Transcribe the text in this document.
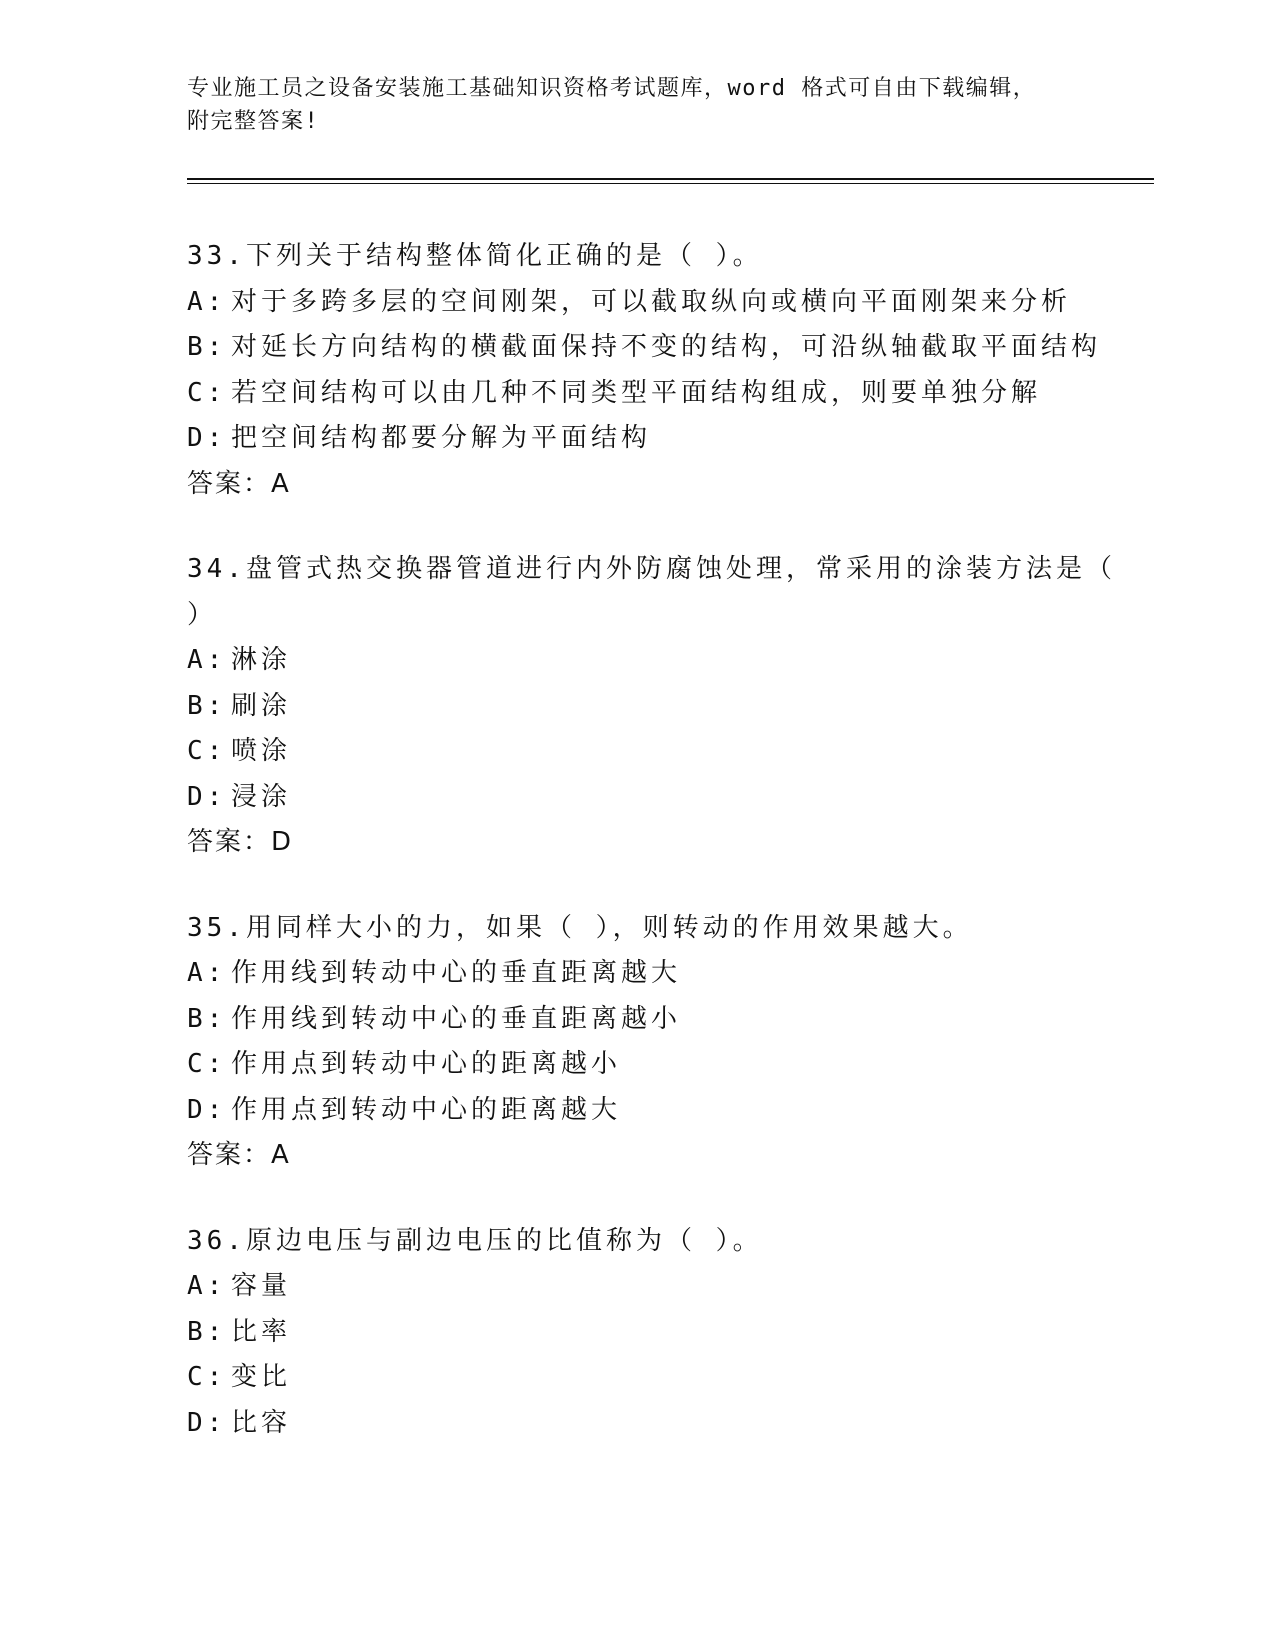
专业施工员之设备安装施工基础知识资格考试题库，word 格式可自由下载编辑，
附完整答案!
33.下列关于结构整体简化正确的是（ ）。
A: 对于多跨多层的空间刚架，可以截取纵向或横向平面刚架来分析
B: 对延长方向结构的横截面保持不变的结构，可沿纵轴截取平面结构
C: 若空间结构可以由几种不同类型平面结构组成，则要单独分解
D: 把空间结构都要分解为平面结构
答案：A
34.盘管式热交换器管道进行内外防腐蚀处理，常采用的涂装方法是（
）
A: 淋涂
B: 刷涂
C: 喷涂
D: 浸涂
答案：D
35.用同样大小的力，如果（ ），则转动的作用效果越大。
A: 作用线到转动中心的垂直距离越大
B: 作用线到转动中心的垂直距离越小
C: 作用点到转动中心的距离越小
D: 作用点到转动中心的距离越大
答案：A
36.原边电压与副边电压的比值称为（ ）。
A: 容量
B: 比率
C: 变比
D: 比容
